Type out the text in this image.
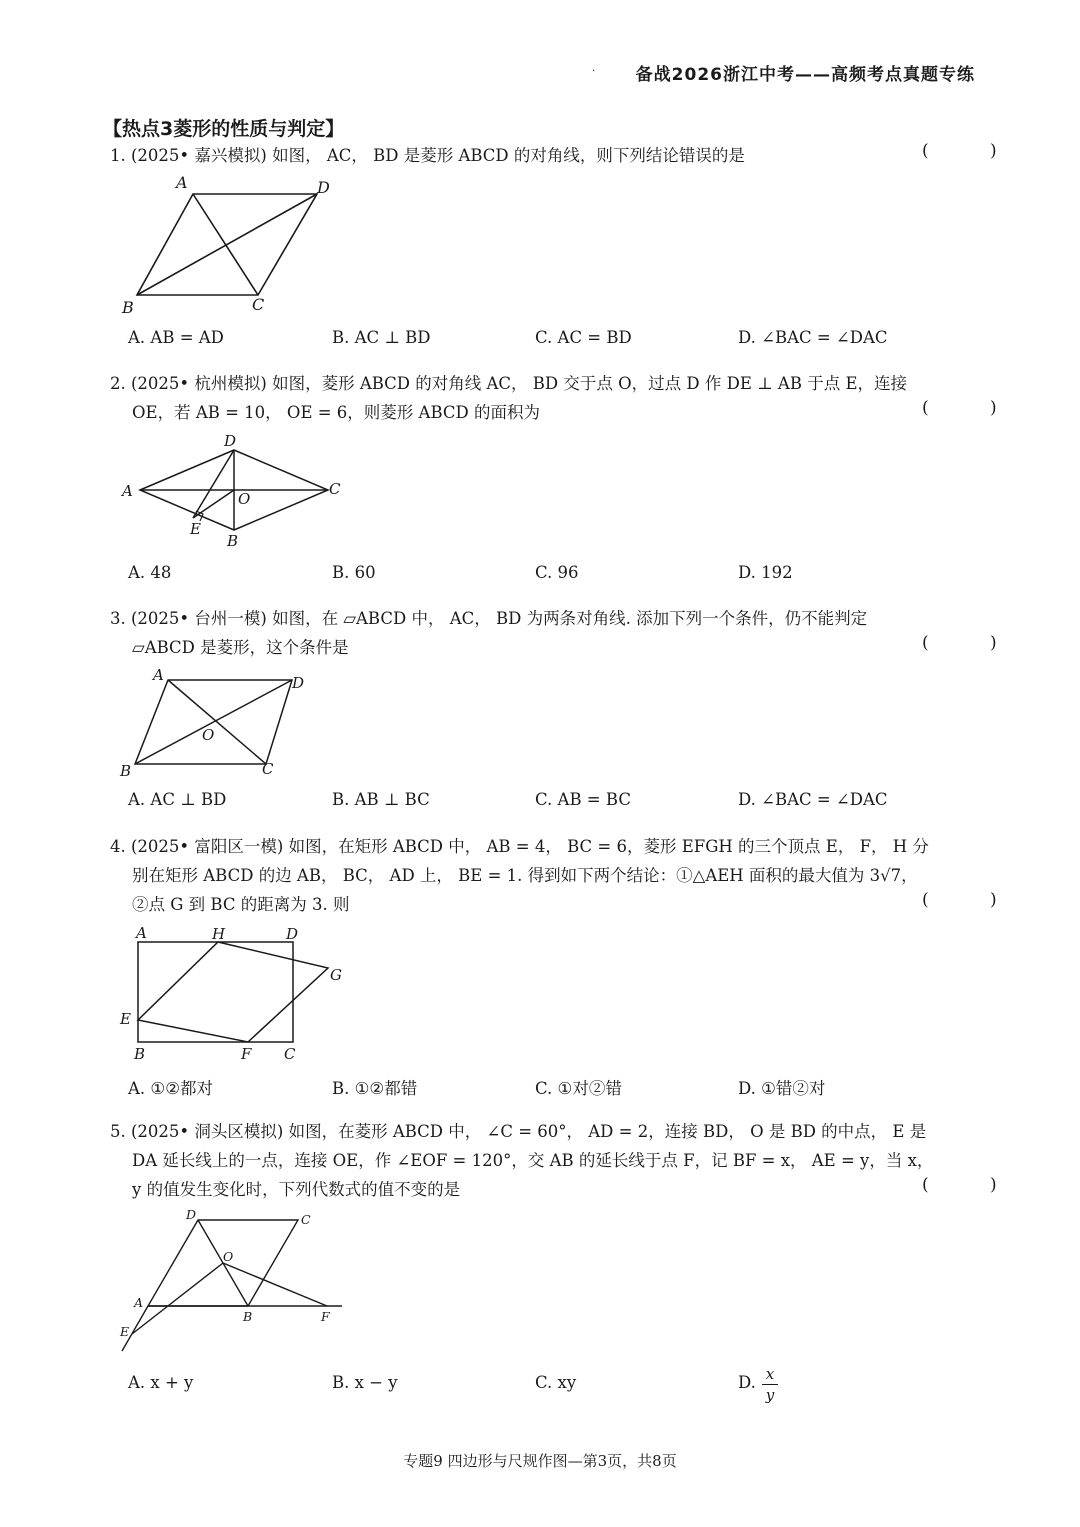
· 备战2026浙江中考——高频考点真题专练
【热点3菱形的性质与判定】
1. (2025• 嘉兴模拟) 如图， AC， BD 是菱形 ABCD 的对角线，则下列结论错误的是	( )
A	D
B	C
A. AB = AD	B. AC ⊥ BD	C. AC = BD	D. ∠BAC = ∠DAC
2. (2025• 杭州模拟) 如图，菱形 ABCD 的对角线 AC， BD 交于点 O，过点 D 作 DE ⊥ AB 于点 E，连接
OE，若 AB = 10， OE = 6，则菱形 ABCD 的面积为	( )
A
D
C
B
E
O
A. 48	B. 60	C. 96	D. 192
3. (2025• 台州一模) 如图，在 ▱ABCD 中， AC， BD 为两条对角线. 添加下列一个条件，仍不能判定
▱ABCD 是菱形，这个条件是	( )
A	D
B	C
O
A. AC ⊥ BD	B. AB ⊥ BC	C. AB = BC	D. ∠BAC = ∠DAC
4. (2025• 富阳区一模) 如图，在矩形 ABCD 中， AB = 4， BC = 6，菱形 EFGH 的三个顶点 E， F， H 分
别在矩形 ABCD 的边 AB， BC， AD 上， BE = 1. 得到如下两个结论：①△AEH 面积的最大值为 3√7，
②点 G 到 BC 的距离为 3. 则	( )
A	H	D
G
E
B	F C
A. ①②都对	B. ①②都错	C. ①对②错	D. ①错②对
5. (2025• 洞头区模拟) 如图，在菱形 ABCD 中， ∠C = 60°， AD = 2，连接 BD， O 是 BD 的中点， E 是
DA 延长线上的一点，连接 OE，作 ∠EOF = 120°，交 AB 的延长线于点 F，记 BF = x， AE = y，当 x，
y 的值发生变化时，下列代数式的值不变的是	( )
D	C
O
A
B	F
E
A. x + y	B. x − y	C. xy	D. x
y
专题9 四边形与尺规作图—第3页，共8页
